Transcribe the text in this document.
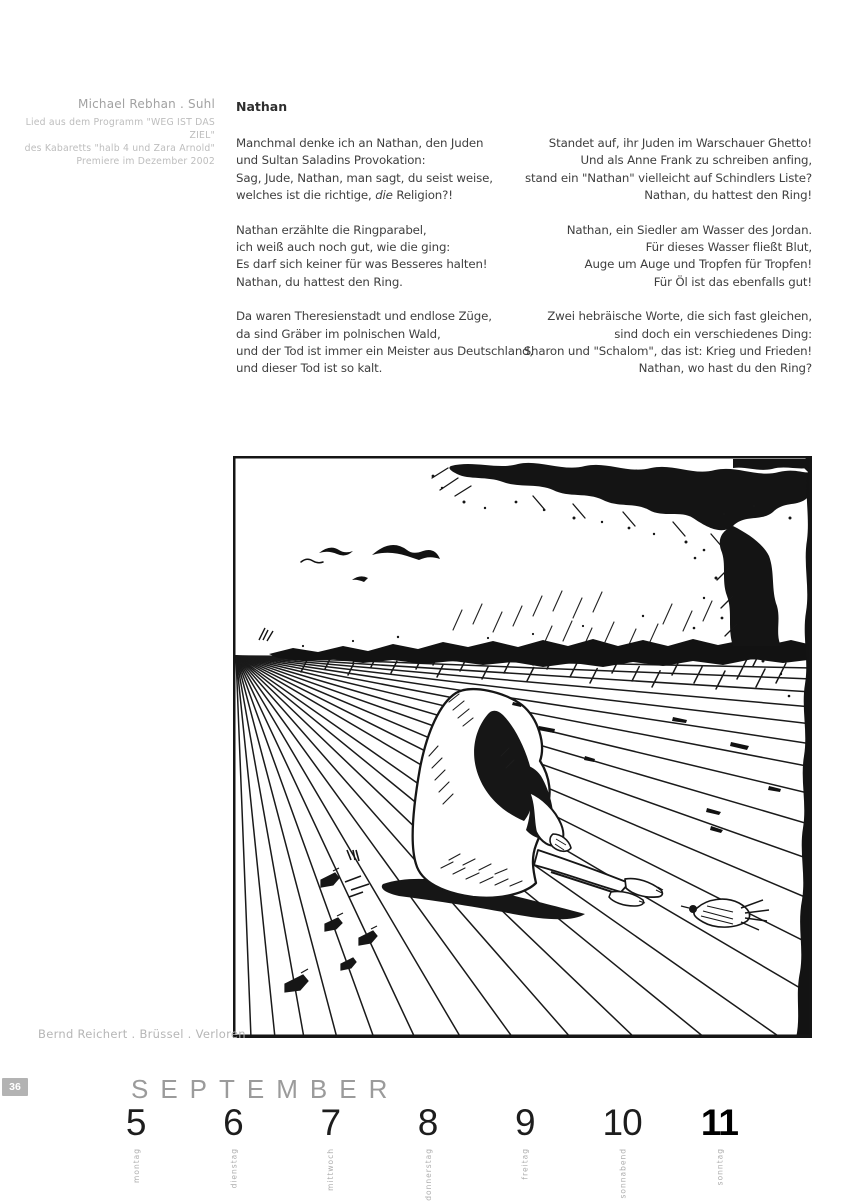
Michael Rebhan . Suhl
Lied aus dem Programm "WEG IST DAS ZIEL"
des Kabaretts "halb 4 und Zara Arnold"
Premiere im Dezember 2002
Nathan
Manchmal denke ich an Nathan, den Juden
und Sultan Saladins Provokation:
Sag, Jude, Nathan, man sagt, du seist weise,
welches ist die richtige, die Religion?!
Nathan erzählte die Ringparabel,
ich weiß auch noch gut, wie die ging:
Es darf sich keiner für was Besseres halten!
Nathan, du hattest den Ring.
Da waren Theresienstadt und endlose Züge,
da sind Gräber im polnischen Wald,
und der Tod ist immer ein Meister aus Deutschland,
und dieser Tod ist so kalt.
Standet auf, ihr Juden im Warschauer Ghetto!
Und als Anne Frank zu schreiben anfing,
stand ein "Nathan" vielleicht auf Schindlers Liste?
Nathan, du hattest den Ring!
Nathan, ein Siedler am Wasser des Jordan.
Für dieses Wasser fließt Blut,
Auge um Auge und Tropfen für Tropfen!
Für Öl ist das ebenfalls gut!
Zwei hebräische Worte, die sich fast gleichen,
sind doch ein verschiedenes Ding:
Sharon und "Schalom", das ist: Krieg und Frieden!
Nathan, wo hast du den Ring?
Bernd Reichert . Brüssel . Verloren
36	SEPTEMBER
5
montag
6
dienstag
7
mittwoch
8
donnerstag
9
freitag
10
sonnabend
11
sonntag
